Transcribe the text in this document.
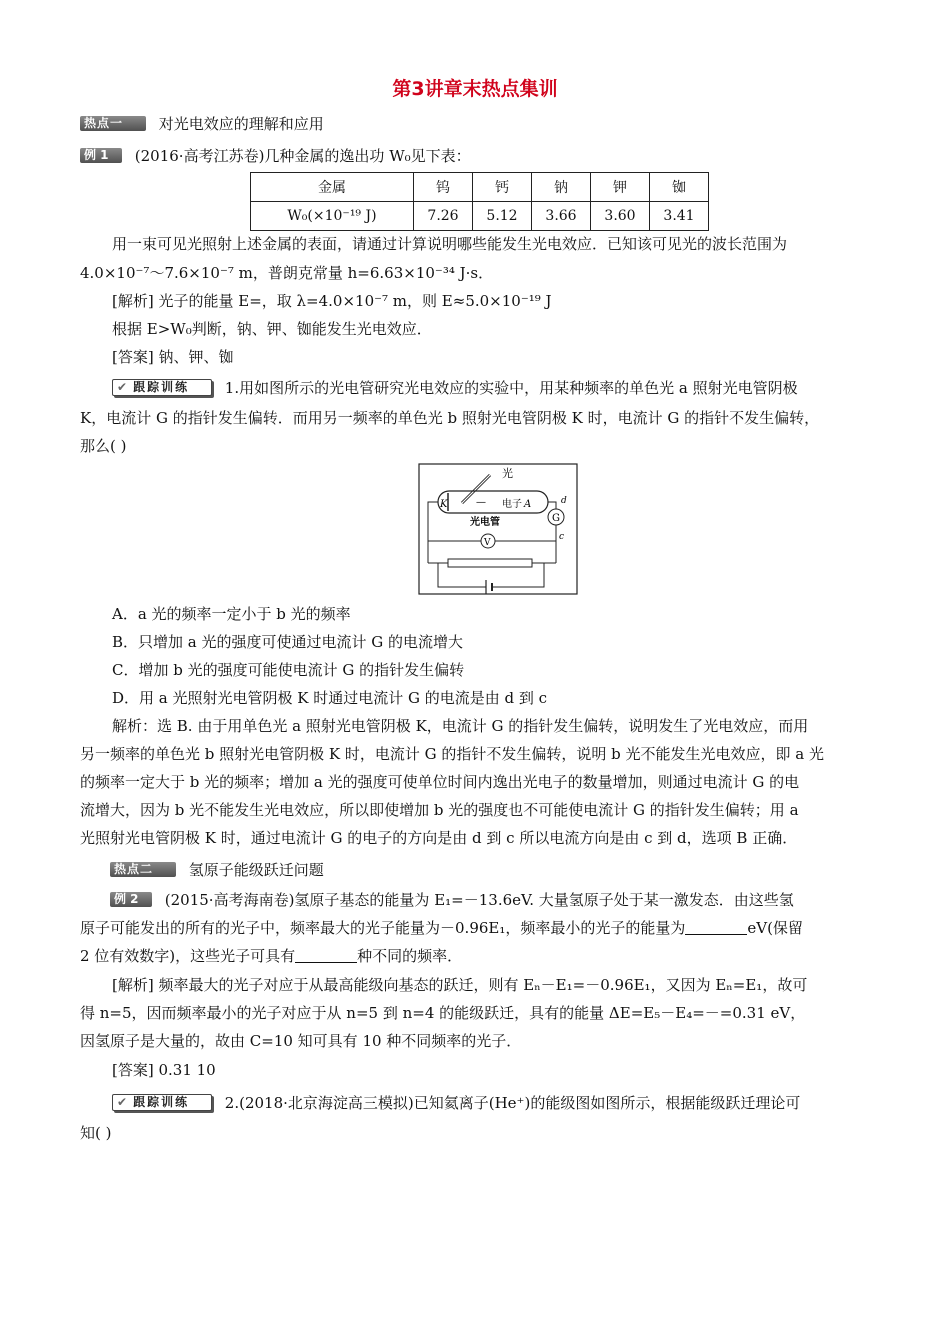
第3讲章末热点集训
热点一 对光电效应的理解和应用
例 1 (2016·高考江苏卷)几种金属的逸出功 W₀见下表：
金属	钨	钙	钠	钾	铷
W₀(×10⁻¹⁹ J)	7.26	5.12	3.66	3.60	3.41
用一束可见光照射上述金属的表面，请通过计算说明哪些能发生光电效应．已知该可见光的波长范围为
4.0×10⁻⁷～7.6×10⁻⁷ m，普朗克常量 h=6.63×10⁻³⁴ J·s．
[解析] 光子的能量 E=，取 λ=4.0×10⁻⁷ m，则 E≈5.0×10⁻¹⁹ J
根据 E>W₀判断，钠、钾、铷能发生光电效应．
[答案] 钠、钾、铷
✔ 跟踪训练 1.用如图所示的光电管研究光电效应的实验中，用某种频率的单色光 a 照射光电管阴极
K，电流计 G 的指针发生偏转．而用另一频率的单色光 b 照射光电管阴极 K 时，电流计 G 的指针不发生偏转，
那么( )
光
K	— 电子 A
光电管	G
d
c
V
A．a 光的频率一定小于 b 光的频率
B．只增加 a 光的强度可使通过电流计 G 的电流增大
C．增加 b 光的强度可能使电流计 G 的指针发生偏转
D．用 a 光照射光电管阴极 K 时通过电流计 G 的电流是由 d 到 c
解析：选 B. 由于用单色光 a 照射光电管阴极 K，电流计 G 的指针发生偏转，说明发生了光电效应，而用
另一频率的单色光 b 照射光电管阴极 K 时，电流计 G 的指针不发生偏转，说明 b 光不能发生光电效应，即 a 光
的频率一定大于 b 光的频率；增加 a 光的强度可使单位时间内逸出光电子的数量增加，则通过电流计 G 的电
流增大，因为 b 光不能发生光电效应，所以即使增加 b 光的强度也不可能使电流计 G 的指针发生偏转；用 a
光照射光电管阴极 K 时，通过电流计 G 的电子的方向是由 d 到 c 所以电流方向是由 c 到 d，选项 B 正确．
热点二 氢原子能级跃迁问题
例 2 (2015·高考海南卷)氢原子基态的能量为 E₁=－13.6eV. 大量氢原子处于某一激发态．由这些氢
原子可能发出的所有的光子中，频率最大的光子能量为－0.96E₁，频率最小的光子的能量为	eV(保留
2 位有效数字)，这些光子可具有	种不同的频率．
[解析] 频率最大的光子对应于从最高能级向基态的跃迁，则有 Eₙ－E₁=－0.96E₁，又因为 Eₙ=E₁，故可
得 n=5，因而频率最小的光子对应于从 n=5 到 n=4 的能级跃迁，具有的能量 ΔE=E₅－E₄=－=0.31 eV，
因氢原子是大量的，故由 C=10 知可具有 10 种不同频率的光子．
[答案] 0.31 10
✔ 跟踪训练 2.(2018·北京海淀高三模拟)已知氦离子(He⁺)的能级图如图所示，根据能级跃迁理论可
知( )
